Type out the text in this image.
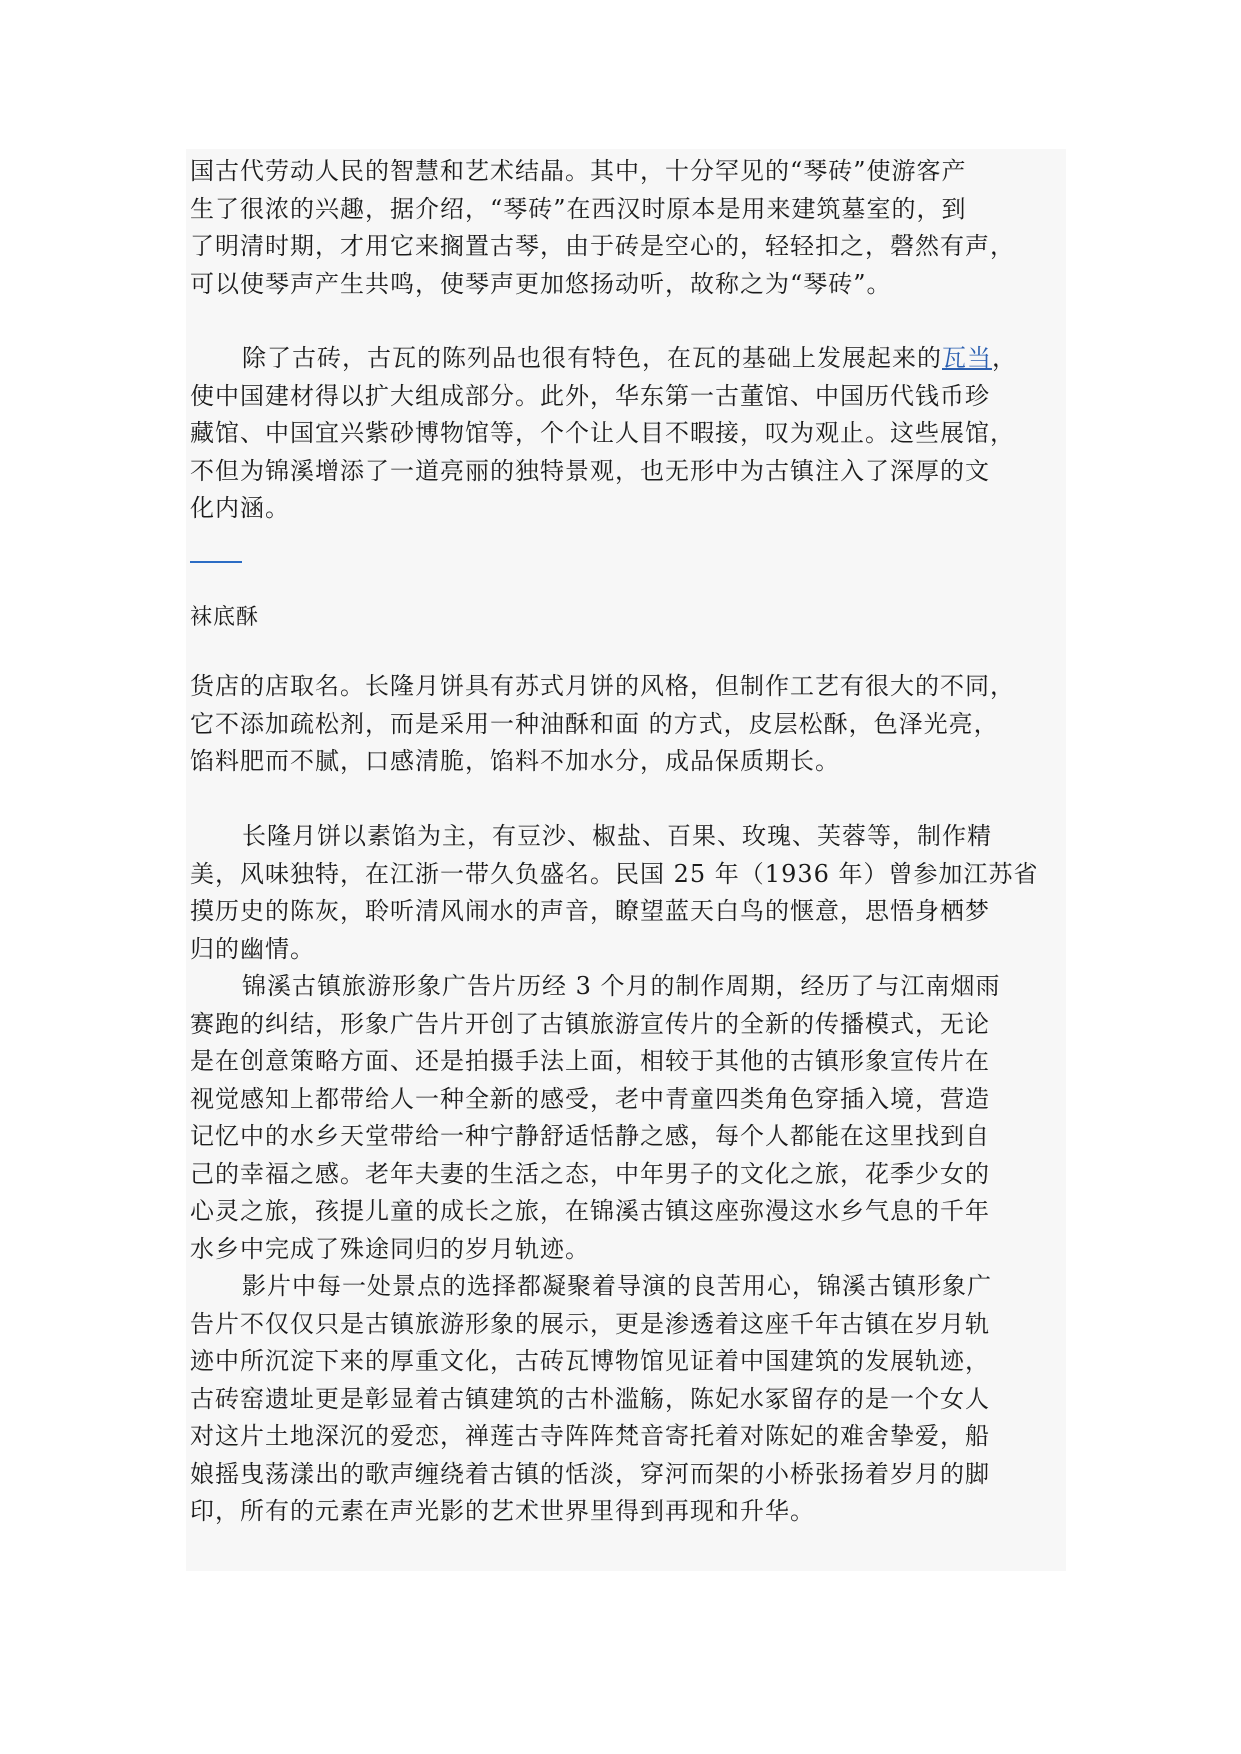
国古代劳动人民的智慧和艺术结晶。其中，十分罕见的“琴砖”使游客产
生了很浓的兴趣，据介绍，“琴砖”在西汉时原本是用来建筑墓室的，到
了明清时期，才用它来搁置古琴，由于砖是空心的，轻轻扣之，磬然有声，
可以使琴声产生共鸣，使琴声更加悠扬动听，故称之为“琴砖”。

除了古砖，古瓦的陈列品也很有特色，在瓦的基础上发展起来的瓦当，
使中国建材得以扩大组成部分。此外，华东第一古董馆、中国历代钱币珍
藏馆、中国宜兴紫砂博物馆等，个个让人目不暇接，叹为观止。这些展馆，
不但为锦溪增添了一道亮丽的独特景观，也无形中为古镇注入了深厚的文
化内涵。

袜底酥

货店的店取名。长隆月饼具有苏式月饼的风格，但制作工艺有很大的不同，
它不添加疏松剂，而是采用一种油酥和面 的方式，皮层松酥，色泽光亮，
馅料肥而不腻，口感清脆，馅料不加水分，成品保质期长。

长隆月饼以素馅为主，有豆沙、椒盐、百果、玫瑰、芙蓉等，制作精
美，风味独特，在江浙一带久负盛名。民国 25 年（1936 年）曾参加江苏省
摸历史的陈灰，聆听清风闹水的声音，瞭望蓝天白鸟的惬意，思悟身栖梦
归的幽情。

锦溪古镇旅游形象广告片历经 3 个月的制作周期，经历了与江南烟雨
赛跑的纠结，形象广告片开创了古镇旅游宣传片的全新的传播模式，无论
是在创意策略方面、还是拍摄手法上面，相较于其他的古镇形象宣传片在
视觉感知上都带给人一种全新的感受，老中青童四类角色穿插入境，营造
记忆中的水乡天堂带给一种宁静舒适恬静之感，每个人都能在这里找到自
己的幸福之感。老年夫妻的生活之态，中年男子的文化之旅，花季少女的
心灵之旅，孩提儿童的成长之旅，在锦溪古镇这座弥漫这水乡气息的千年
水乡中完成了殊途同归的岁月轨迹。

影片中每一处景点的选择都凝聚着导演的良苦用心，锦溪古镇形象广
告片不仅仅只是古镇旅游形象的展示，更是渗透着这座千年古镇在岁月轨
迹中所沉淀下来的厚重文化，古砖瓦博物馆见证着中国建筑的发展轨迹，
古砖窑遗址更是彰显着古镇建筑的古朴滥觞，陈妃水冢留存的是一个女人
对这片土地深沉的爱恋，禅莲古寺阵阵梵音寄托着对陈妃的难舍挚爱，船
娘摇曳荡漾出的歌声缠绕着古镇的恬淡，穿河而架的小桥张扬着岁月的脚
印，所有的元素在声光影的艺术世界里得到再现和升华。
